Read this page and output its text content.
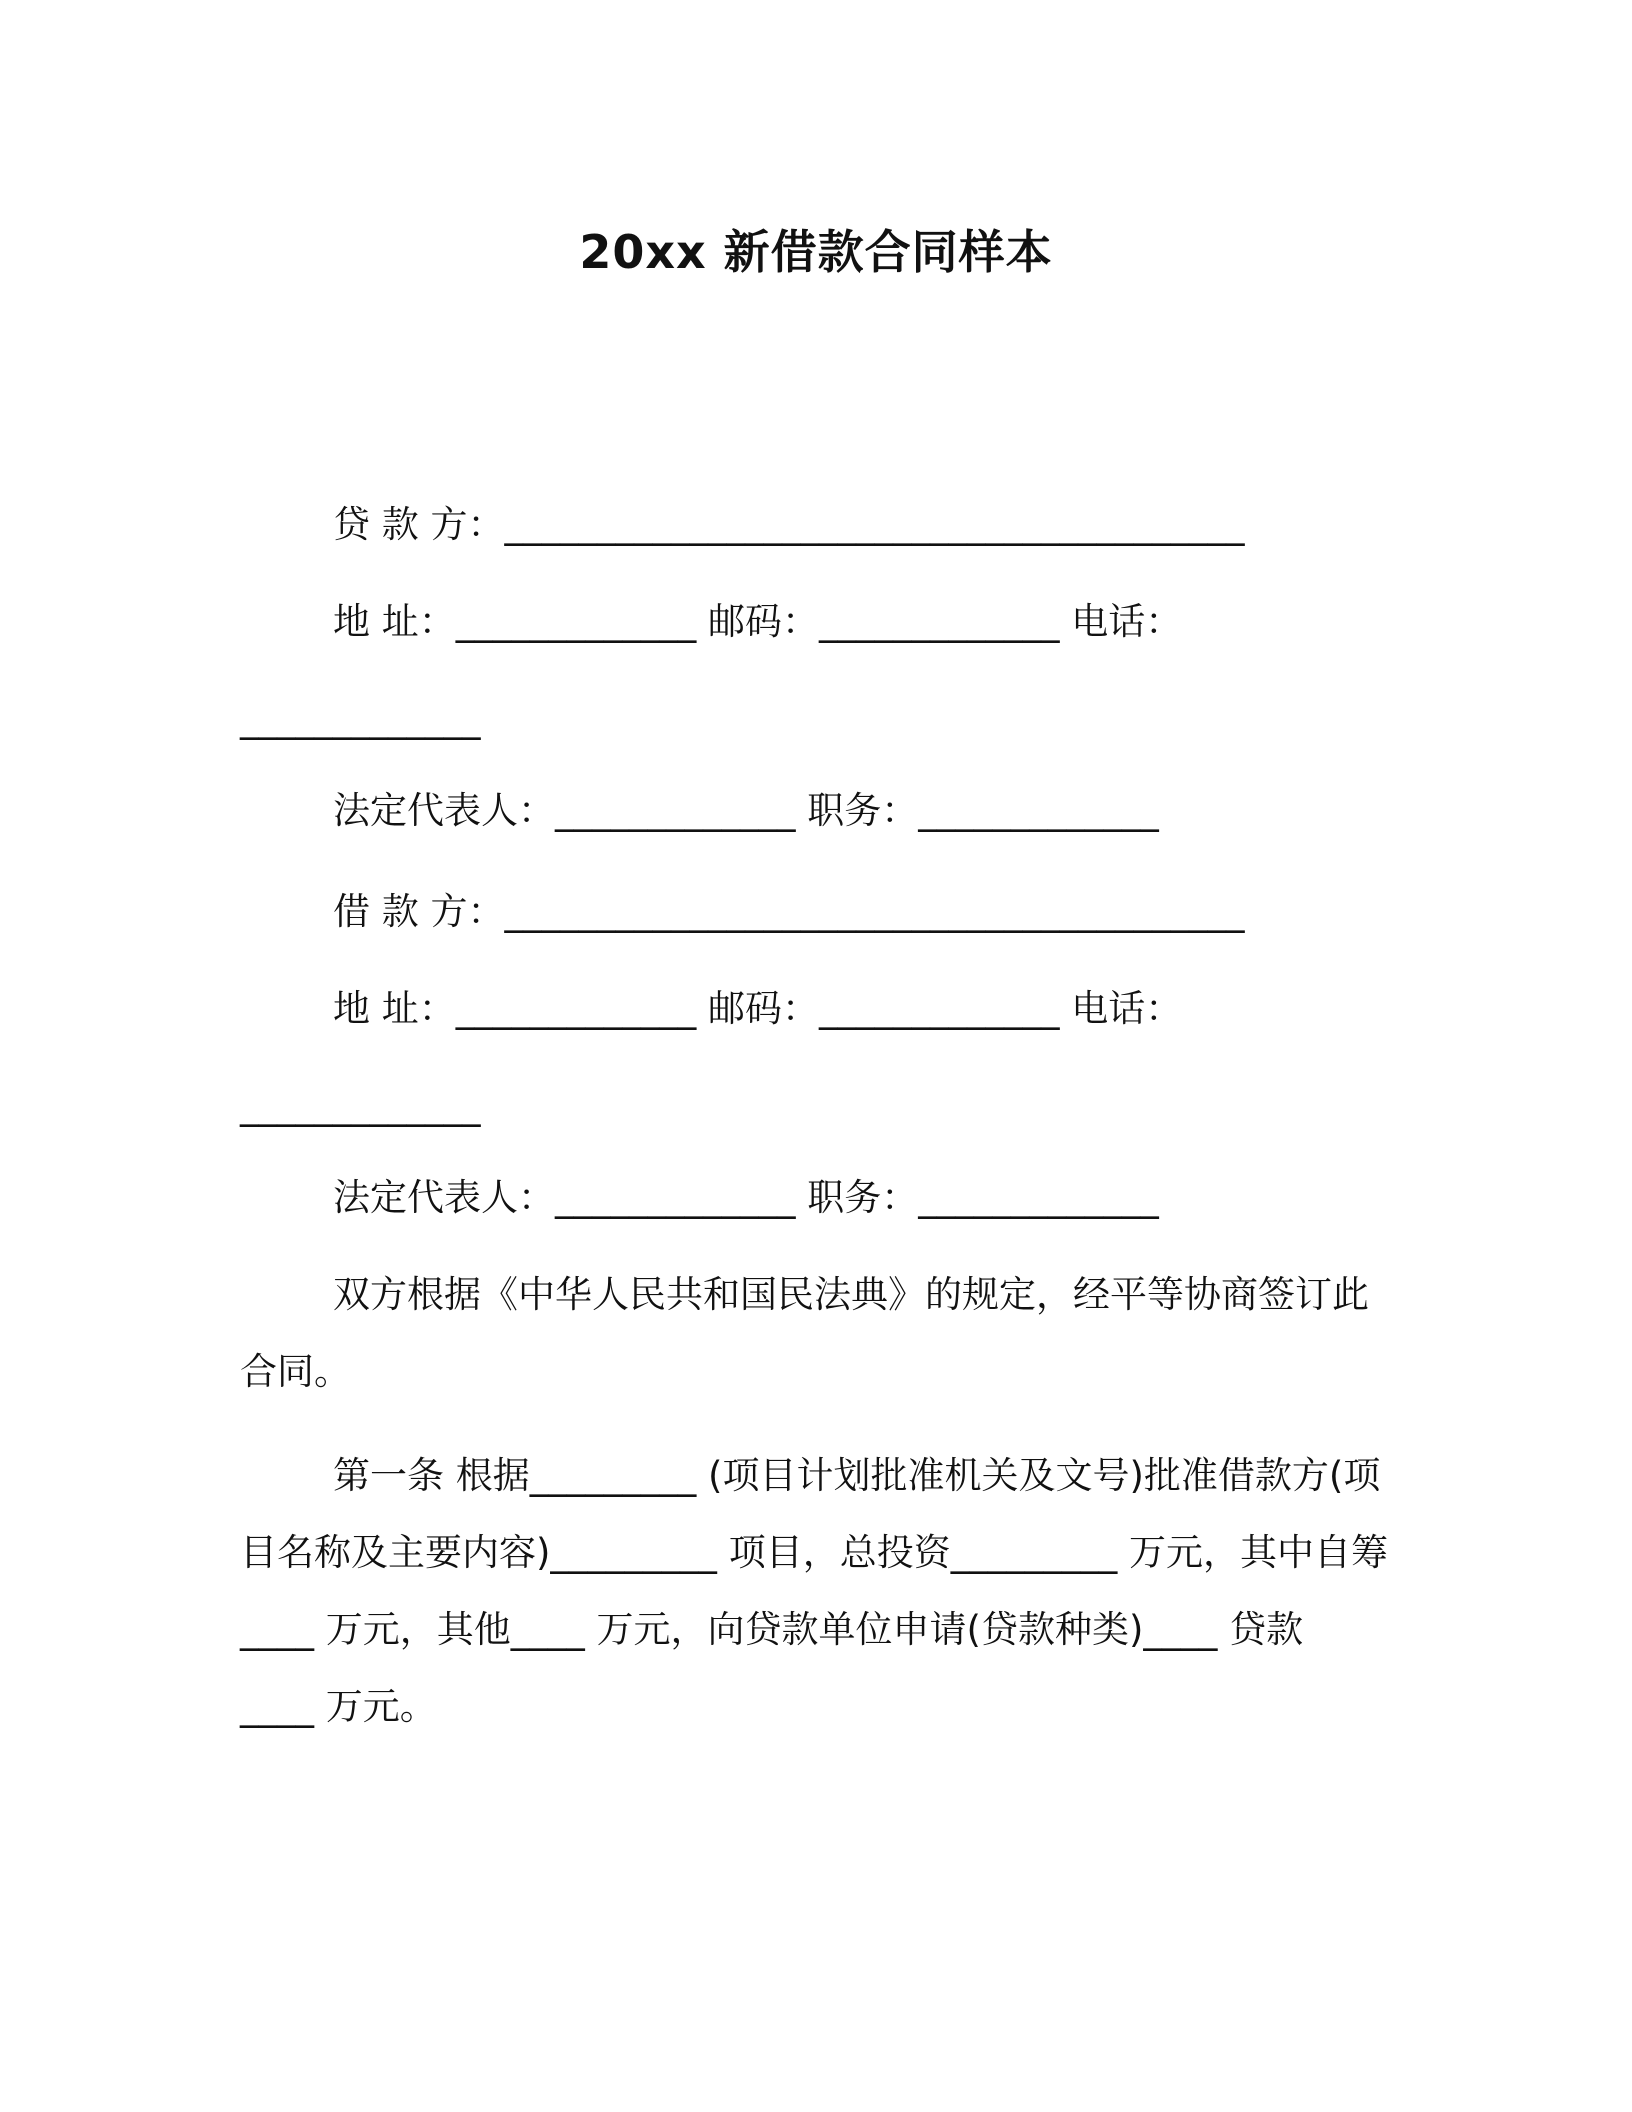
20xx 新借款合同样本
贷 款 方：________________________________________
地 址：_____________ 邮码：_____________ 电话：
_____________
法定代表人：_____________ 职务：_____________
借 款 方：________________________________________
地 址：_____________ 邮码：_____________ 电话：
_____________
法定代表人：_____________ 职务：_____________
双方根据《中华人民共和国民法典》的规定，经平等协商签订此
合同。
第一条 根据_________ (项目计划批准机关及文号)批准借款方(项
目名称及主要内容)_________ 项目，总投资_________ 万元，其中自筹
____ 万元，其他____ 万元，向贷款单位申请(贷款种类)____ 贷款
____ 万元。
